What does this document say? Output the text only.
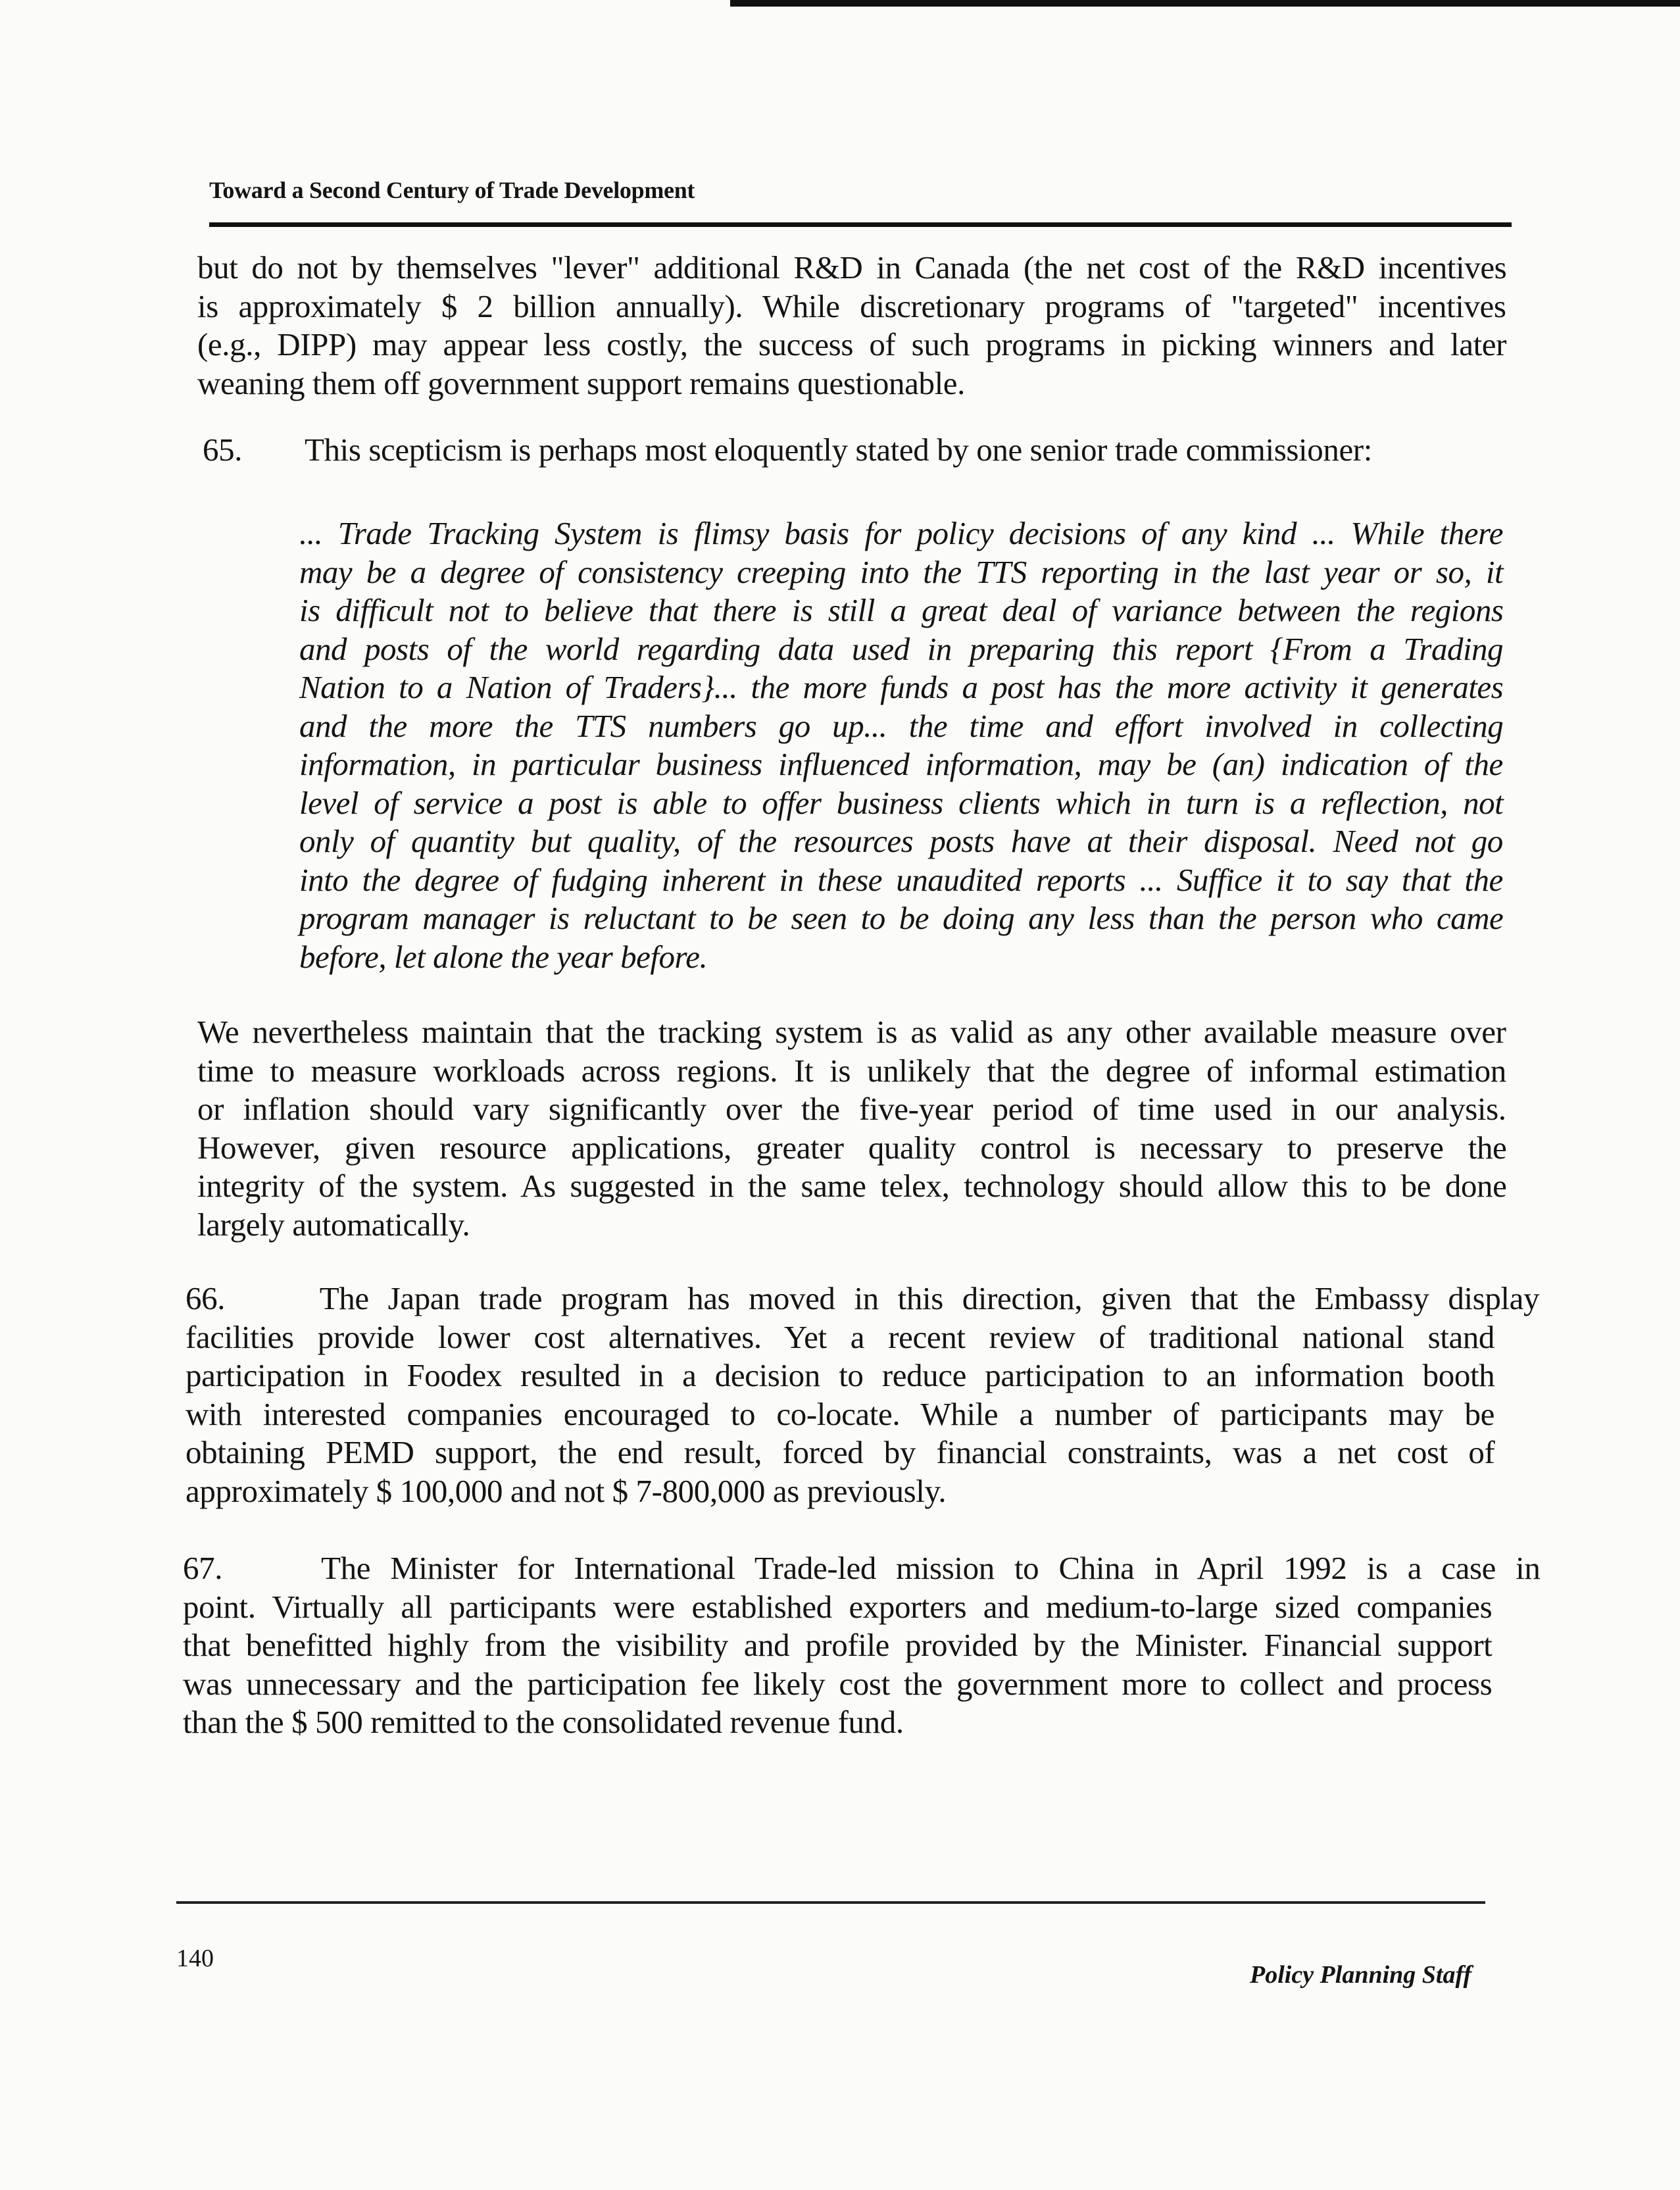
Toward a Second Century of Trade Development
but do not by themselves "lever" additional R&D in Canada (the net cost of the R&D incentives
is approximately $ 2 billion annually). While discretionary programs of "targeted" incentives
(e.g., DIPP) may appear less costly, the success of such programs in picking winners and later
weaning them off government support remains questionable.
65. This scepticism is perhaps most eloquently stated by one senior trade commissioner:
... Trade Tracking System is flimsy basis for policy decisions of any kind ... While there
may be a degree of consistency creeping into the TTS reporting in the last year or so, it
is difficult not to believe that there is still a great deal of variance between the regions
and posts of the world regarding data used in preparing this report {From a Trading
Nation to a Nation of Traders}... the more funds a post has the more activity it generates
and the more the TTS numbers go up... the time and effort involved in collecting
information, in particular business influenced information, may be (an) indication of the
level of service a post is able to offer business clients which in turn is a reflection, not
only of quantity but quality, of the resources posts have at their disposal. Need not go
into the degree of fudging inherent in these unaudited reports ... Suffice it to say that the
program manager is reluctant to be seen to be doing any less than the person who came
before, let alone the year before.
We nevertheless maintain that the tracking system is as valid as any other available measure over
time to measure workloads across regions. It is unlikely that the degree of informal estimation
or inflation should vary significantly over the five-year period of time used in our analysis.
However, given resource applications, greater quality control is necessary to preserve the
integrity of the system. As suggested in the same telex, technology should allow this to be done
largely automatically.
66.     The Japan trade program has moved in this direction, given that the Embassy display
facilities provide lower cost alternatives. Yet a recent review of traditional national stand
participation in Foodex resulted in a decision to reduce participation to an information booth
with interested companies encouraged to co-locate. While a number of participants may be
obtaining PEMD support, the end result, forced by financial constraints, was a net cost of
approximately $ 100,000 and not $ 7-800,000 as previously.
67.     The Minister for International Trade-led mission to China in April 1992 is a case in
point. Virtually all participants were established exporters and medium-to-large sized companies
that benefitted highly from the visibility and profile provided by the Minister. Financial support
was unnecessary and the participation fee likely cost the government more to collect and process
than the $ 500 remitted to the consolidated revenue fund.
140
Policy Planning Staff
